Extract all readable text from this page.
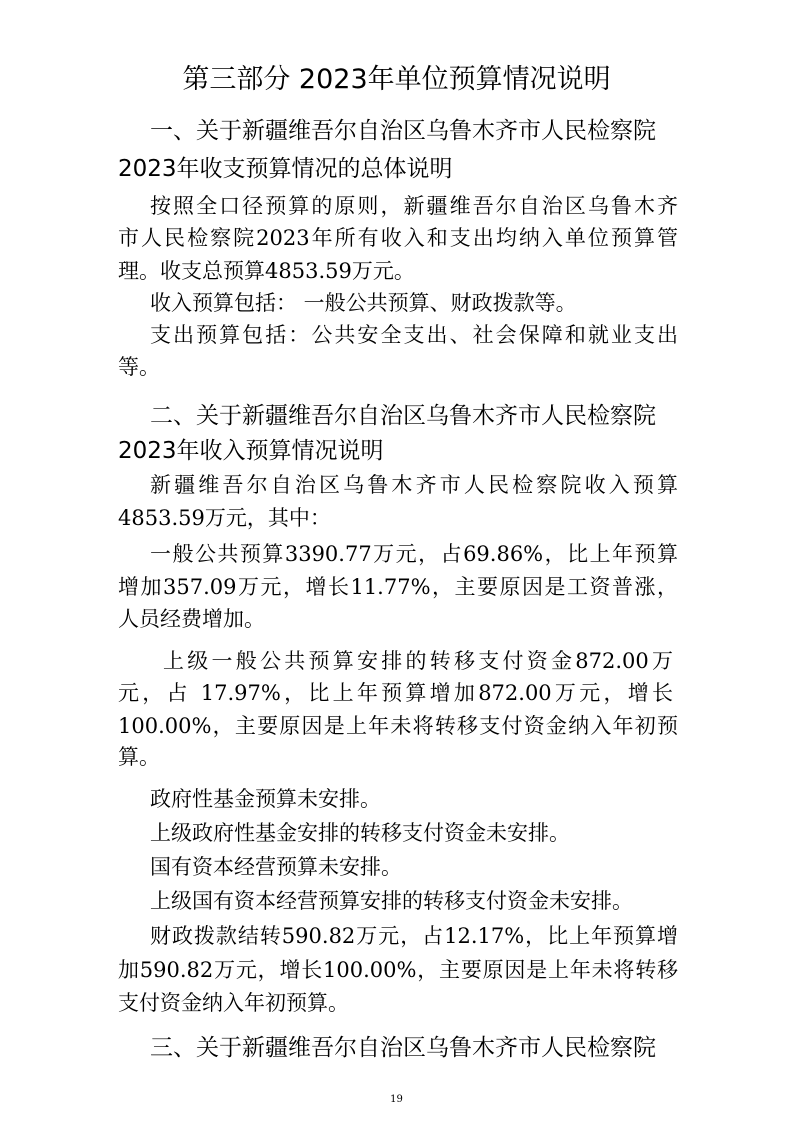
第三部分 2023年单位预算情况说明
一、关于新疆维吾尔自治区乌鲁木齐市人民检察院
2023年收支预算情况的总体说明
按照全口径预算的原则，新疆维吾尔自治区乌鲁木齐
市人民检察院2023年所有收入和支出均纳入单位预算管
理。收支总预算4853.59万元。
收入预算包括： 一般公共预算、财政拨款等。
支出预算包括：公共安全支出、社会保障和就业支出
等。
二、关于新疆维吾尔自治区乌鲁木齐市人民检察院
2023年收入预算情况说明
新疆维吾尔自治区乌鲁木齐市人民检察院收入预算
4853.59万元，其中：
一般公共预算3390.77万元，占69.86%，比上年预算
增加357.09万元，增长11.77%，主要原因是工资普涨，
人员经费增加。
上级一般公共预算安排的转移支付资金872.00万
元，占 17.97%，比上年预算增加872.00万元，增长
100.00%，主要原因是上年未将转移支付资金纳入年初预
算。
政府性基金预算未安排。
上级政府性基金安排的转移支付资金未安排。
国有资本经营预算未安排。
上级国有资本经营预算安排的转移支付资金未安排。
财政拨款结转590.82万元，占12.17%，比上年预算增
加590.82万元，增长100.00%，主要原因是上年未将转移
支付资金纳入年初预算。
三、关于新疆维吾尔自治区乌鲁木齐市人民检察院
19
